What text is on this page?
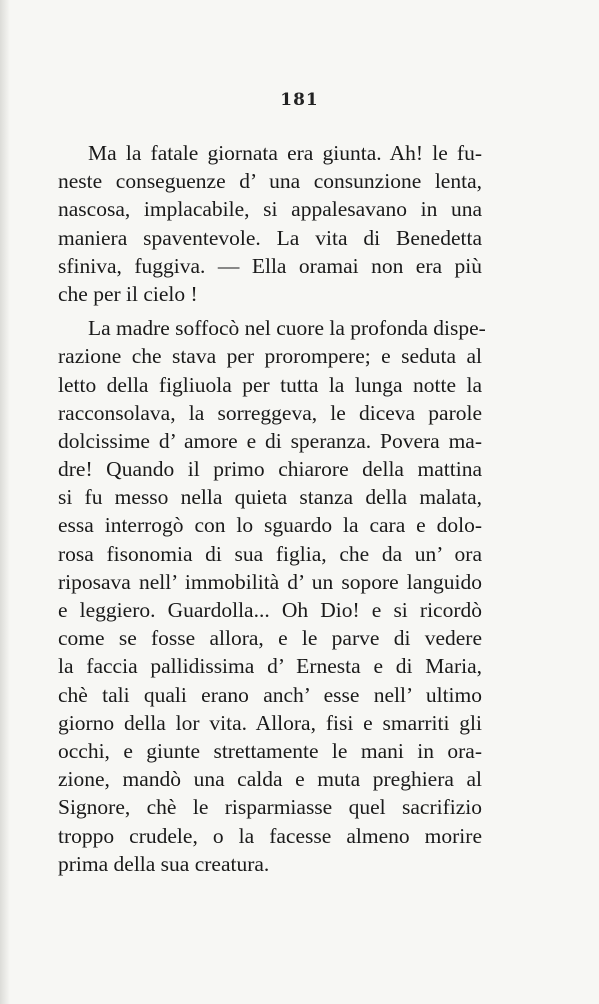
181
Ma la fatale giornata era giunta. Ah! le fu-
neste conseguenze d’ una consunzione lenta,
nascosa, implacabile, si appalesavano in una
maniera spaventevole. La vita di Benedetta
sfiniva, fuggiva. — Ella oramai non era più
che per il cielo !
La madre soffocò nel cuore la profonda dispe-
razione che stava per prorompere; e seduta al
letto della figliuola per tutta la lunga notte la
racconsolava, la sorreggeva, le diceva parole
dolcissime d’ amore e di speranza. Povera ma-
dre! Quando il primo chiarore della mattina
si fu messo nella quieta stanza della malata,
essa interrogò con lo sguardo la cara e dolo-
rosa fisonomia di sua figlia, che da un’ ora
riposava nell’ immobilità d’ un sopore languido
e leggiero. Guardolla... Oh Dio! e si ricordò
come se fosse allora, e le parve di vedere
la faccia pallidissima d’ Ernesta e di Maria,
chè tali quali erano anch’ esse nell’ ultimo
giorno della lor vita. Allora, fisi e smarriti gli
occhi, e giunte strettamente le mani in ora-
zione, mandò una calda e muta preghiera al
Signore, chè le risparmiasse quel sacrifizio
troppo crudele, o la facesse almeno morire
prima della sua creatura.
